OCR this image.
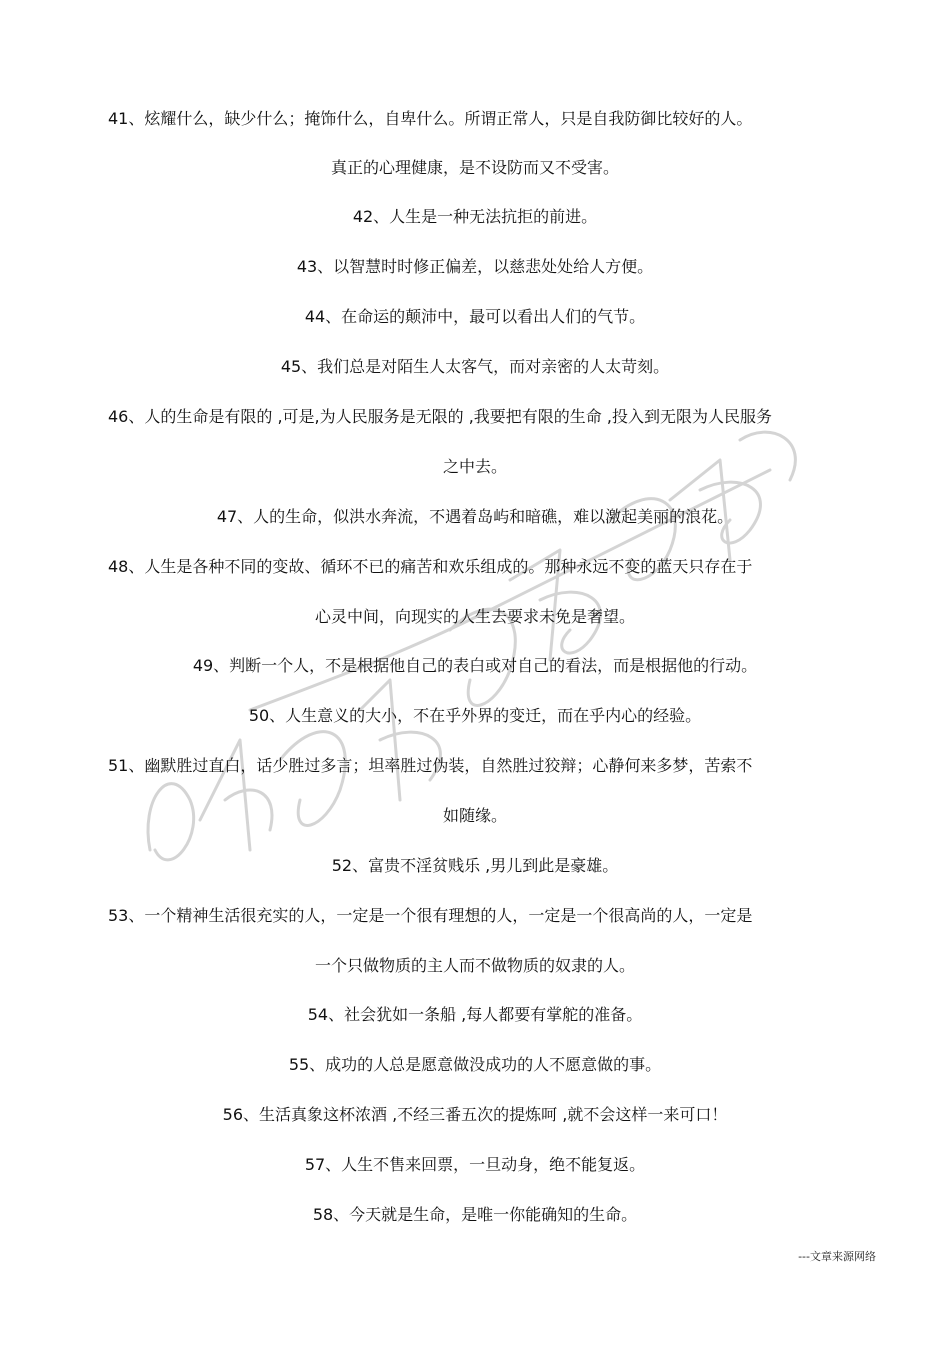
41、炫耀什么，缺少什么；掩饰什么，自卑什么。所谓正常人，只是自我防御比较好的人。
真正的心理健康，是不设防而又不受害。
42、人生是一种无法抗拒的前进。
43、以智慧时时修正偏差，以慈悲处处给人方便。
44、在命运的颠沛中，最可以看出人们的气节。
45、我们总是对陌生人太客气，而对亲密的人太苛刻。
46、人的生命是有限的 ,可是,为人民服务是无限的 ,我要把有限的生命 ,投入到无限为人民服务
之中去。
47、人的生命，似洪水奔流，不遇着岛屿和暗礁，难以激起美丽的浪花。
48、人生是各种不同的变故、循环不已的痛苦和欢乐组成的。那种永远不变的蓝天只存在于
心灵中间，向现实的人生去要求未免是奢望。
49、判断一个人，不是根据他自己的表白或对自己的看法，而是根据他的行动。
50、人生意义的大小，不在乎外界的变迁，而在乎内心的经验。
51、幽默胜过直白，话少胜过多言；坦率胜过伪装，自然胜过狡辩；心静何来多梦，苦索不
如随缘。
52、富贵不淫贫贱乐 ,男儿到此是豪雄。
53、一个精神生活很充实的人，一定是一个很有理想的人，一定是一个很高尚的人，一定是
一个只做物质的主人而不做物质的奴隶的人。
54、社会犹如一条船 ,每人都要有掌舵的准备。
55、成功的人总是愿意做没成功的人不愿意做的事。
56、生活真象这杯浓酒 ,不经三番五次的提炼呵 ,就不会这样一来可口！
57、人生不售来回票，一旦动身，绝不能复返。
58、今天就是生命，是唯一你能确知的生命。
---文章来源网络
